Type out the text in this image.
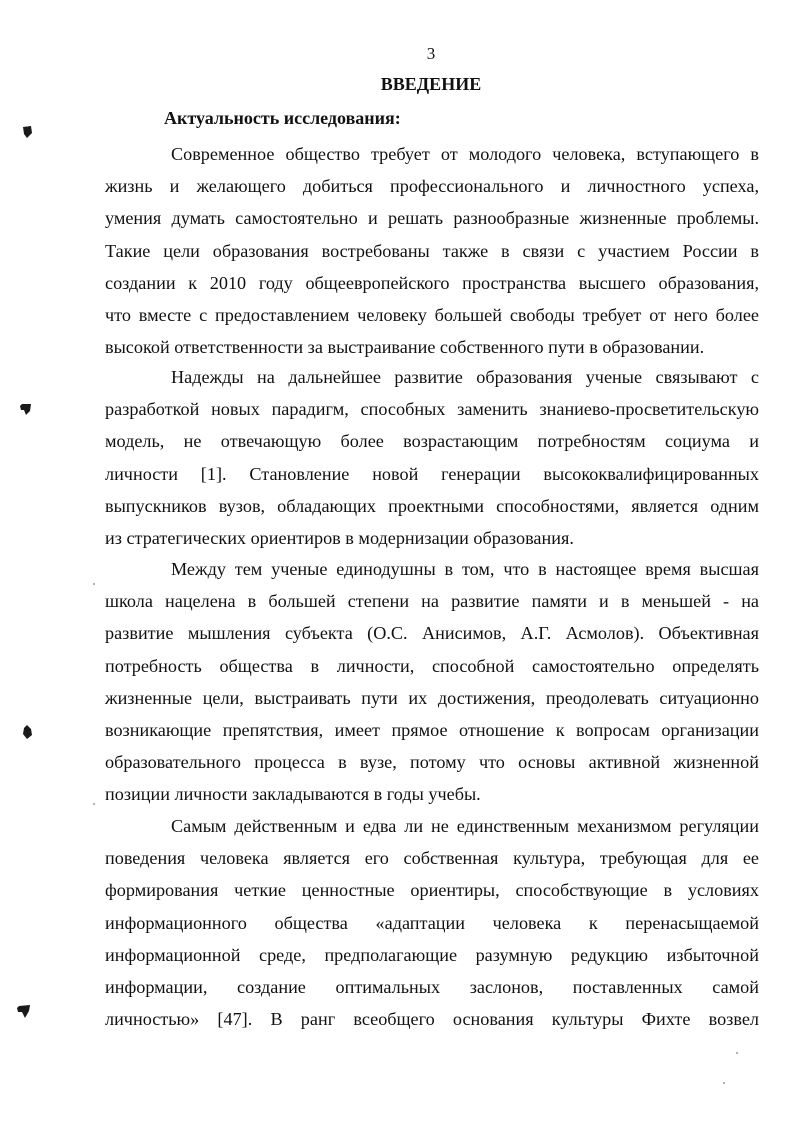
3
ВВЕДЕНИЕ
Актуальность исследования:

Современное общество требует от молодого человека, вступающего в
жизнь и желающего добиться профессионального и личностного успеха,
умения думать самостоятельно и решать разнообразные жизненные проблемы.
Такие цели образования востребованы также в связи с участием России в
создании к 2010 году общеевропейского пространства высшего образования,
что вместе с предоставлением человеку большей свободы требует от него более
высокой ответственности за выстраивание собственного пути в образовании.

Надежды на дальнейшее развитие образования ученые связывают с
разработкой новых парадигм, способных заменить знаниево-просветительскую
модель, не отвечающую более возрастающим потребностям социума и
личности [1]. Становление новой генерации высококвалифицированных
выпускников вузов, обладающих проектными способностями, является одним
из стратегических ориентиров в модернизации образования.

Между тем ученые единодушны в том, что в настоящее время высшая
школа нацелена в большей степени на развитие памяти и в меньшей - на
развитие мышления субъекта (О.С. Анисимов, А.Г. Асмолов). Объективная
потребность общества в личности, способной самостоятельно определять
жизненные цели, выстраивать пути их достижения, преодолевать ситуационно
возникающие препятствия, имеет прямое отношение к вопросам организации
образовательного процесса в вузе, потому что основы активной жизненной
позиции личности закладываются в годы учебы.

Самым действенным и едва ли не единственным механизмом регуляции
поведения человека является его собственная культура, требующая для ее
формирования четкие ценностные ориентиры, способствующие в условиях
информационного общества «адаптации человека к перенасыщаемой
информационной среде, предполагающие разумную редукцию избыточной
информации, создание оптимальных заслонов, поставленных самой
личностью» [47]. В ранг всеобщего основания культуры Фихте возвел
